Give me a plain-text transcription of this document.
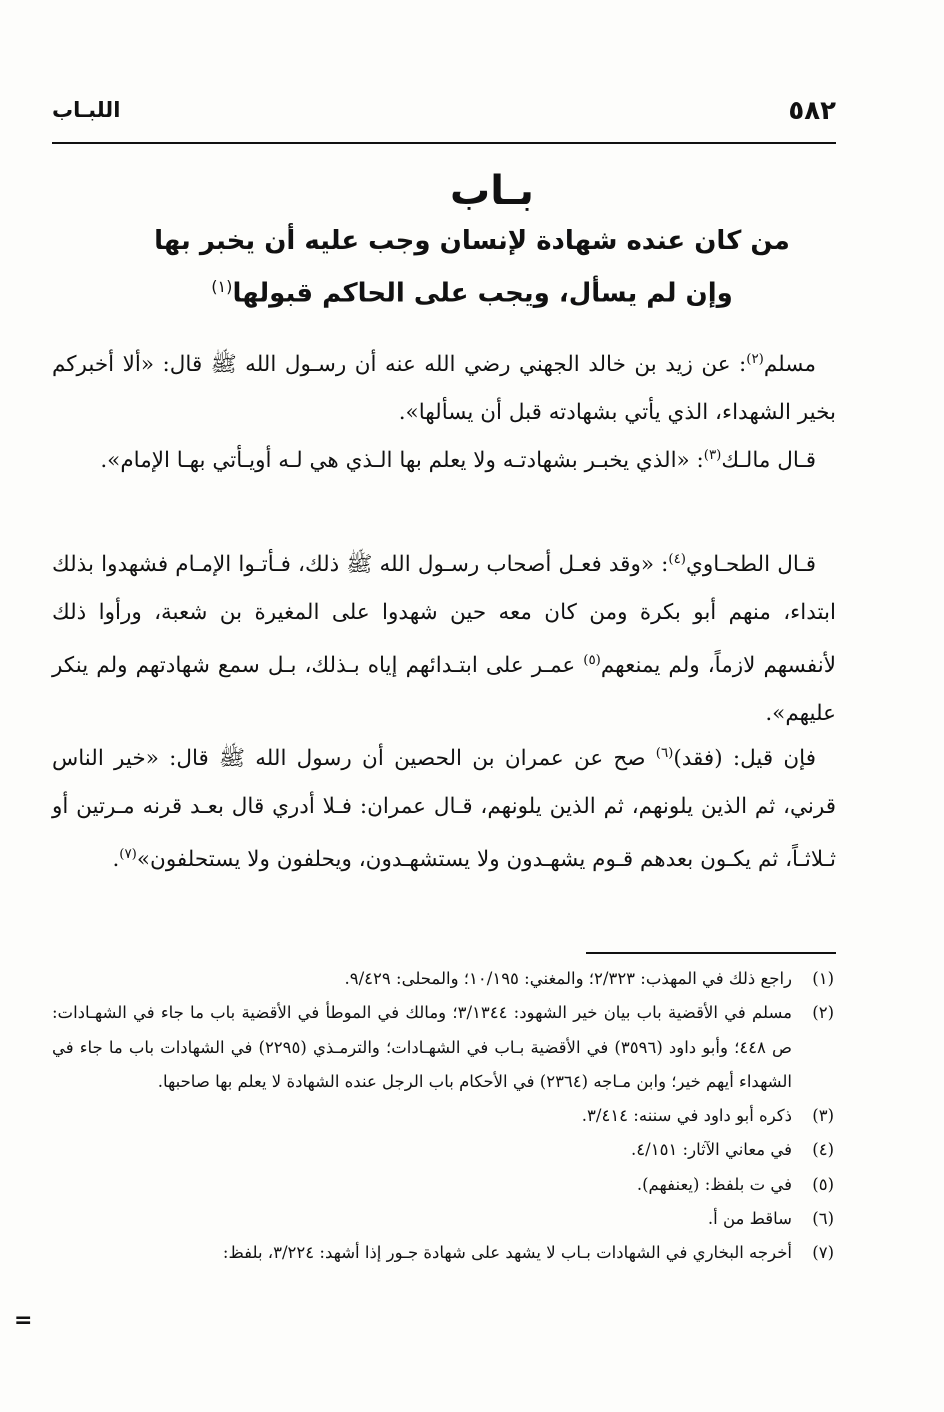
٥٨٢
اللبـاب
بـاب
من كان عنده شهادة لإنسان وجب عليه أن يخبر بها
وإن لم يسأل، ويجب على الحاكم قبولها$^{(١)}$
مسلم$^{(٢)}$: عن زيد بن خالد الجهني رضي الله عنه أن رسـول الله ﷺ قال: «ألا أخبركم بخير الشهداء، الذي يأتي بشهادته قبل أن يسألها».
قـال مالـك$^{(٣)}$: «الذي يخبـر بشهادتـه ولا يعلم بها الـذي هي لـه أويـأتي بهـا الإمام».
قـال الطحـاوي$^{(٤)}$: «وقد فعـل أصحاب رسـول الله ﷺ ذلك، فـأتـوا الإمـام فشهدوا بذلك ابتداء، منهم أبو بكرة ومن كان معه حين شهدوا على المغيرة بن شعبة، ورأوا ذلك لأنفسهم لازماً، ولم يمنعهم$^{(٥)}$ عمـر على ابتـدائهم إياه بـذلك، بـل سمع شهادتهم ولم ينكر عليهم».
فإن قيل: (فقد)$^{(٦)}$ صح عن عمران بن الحصين أن رسول الله ﷺ قال: «خير الناس قرني، ثم الذين يلونهم، ثم الذين يلونهم، قـال عمران: فـلا أدري قال بعـد قرنه مـرتين أو ثـلاثـاً، ثم يكـون بعدهم قـوم يشهـدون ولا يستشهـدون، ويحلفون ولا يستحلفون»$^{(٧)}$.
(١)
راجع ذلك في المهذب: ٢/٣٢٣؛ والمغني: ١٠/١٩٥؛ والمحلى: ٩/٤٢٩.
(٢)
مسلم في الأقضية باب بيان خير الشهود: ٣/١٣٤٤؛ ومالك في الموطأ في الأقضية باب ما جاء في الشهـادات: ص ٤٤٨؛ وأبو داود (٣٥٩٦) في الأقضية بـاب في الشهـادات؛ والترمـذي (٢٢٩٥) في الشهادات باب ما جاء في الشهداء أيهم خير؛ وابن مـاجه (٢٣٦٤) في الأحكام باب الرجل عنده الشهادة لا يعلم بها صاحبها.
(٣)
ذكره أبو داود في سننه: ٣/٤١٤.
(٤)
في معاني الآثار: ٤/١٥١.
(٥)
في ت بلفظ: (يعنفهم).
(٦)
ساقط من أ.
(٧)
أخرجه البخاري في الشهادات بـاب لا يشهد على شهادة جـور إذا أشهد: ٣/٢٢٤، بلفظ:
=
